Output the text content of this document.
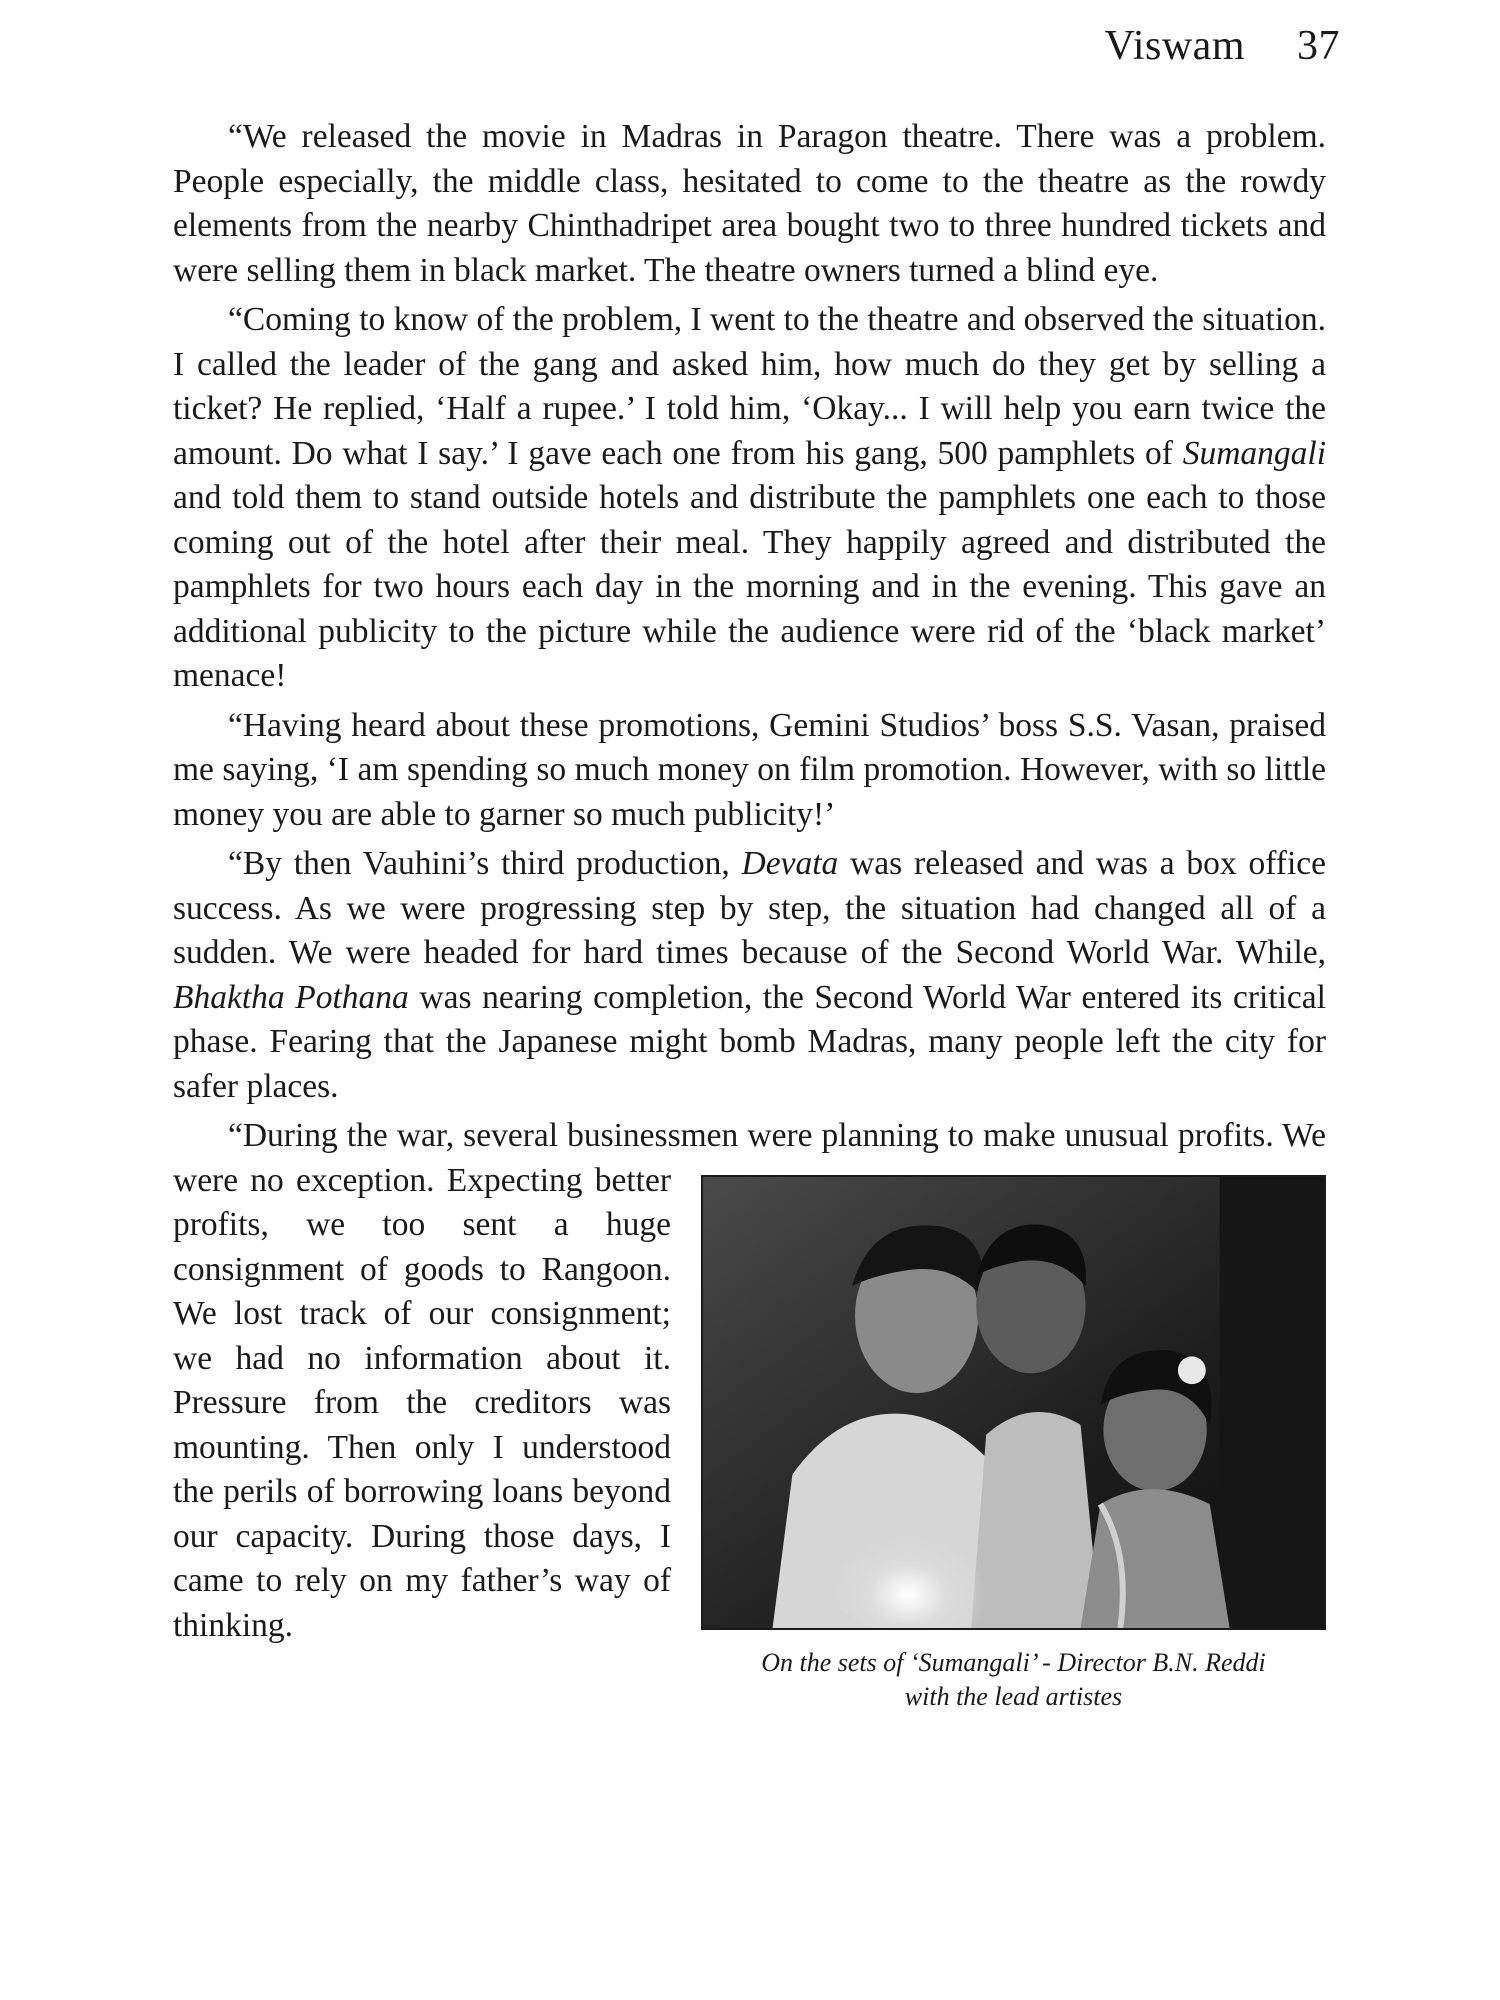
Viswam 37

“We released the movie in Madras in Paragon theatre. There was a problem. People especially, the middle class, hesitated to come to the theatre as the rowdy elements from the nearby Chinthadripet area bought two to three hundred tickets and were selling them in black market. The theatre owners turned a blind eye.

“Coming to know of the problem, I went to the theatre and observed the situation. I called the leader of the gang and asked him, how much do they get by selling a ticket? He replied, ‘Half a rupee.’ I told him, ‘Okay... I will help you earn twice the amount. Do what I say.’ I gave each one from his gang, 500 pamphlets of Sumangali and told them to stand outside hotels and distribute the pamphlets one each to those coming out of the hotel after their meal. They happily agreed and distributed the pamphlets for two hours each day in the morning and in the evening. This gave an additional publicity to the picture while the audience were rid of the ‘black market’ menace!

“Having heard about these promotions, Gemini Studios’ boss S.S. Vasan, praised me saying, ‘I am spending so much money on film promotion. However, with so little money you are able to garner so much publicity!’

“By then Vauhini’s third production, Devata was released and was a box office success. As we were progressing step by step, the situation had changed all of a sudden. We were headed for hard times because of the Second World War. While, Bhaktha Pothana was nearing completion, the Second World War entered its critical phase. Fearing that the Japanese might bomb Madras, many people left the city for safer places.

“During the war, several businessmen were planning to make
On the sets of ‘Sumangali’ - Director B.N. Reddi
with the lead artistes
unusual profits. We were no exception. Expecting better profits, we too sent a huge consignment of goods to Rangoon. We lost track of our consignment; we had no information about it. Pressure from the creditors was mounting. Then only I understood the perils of borrowing loans beyond our capacity. During those days, I came to rely on my father’s way of thinking.
